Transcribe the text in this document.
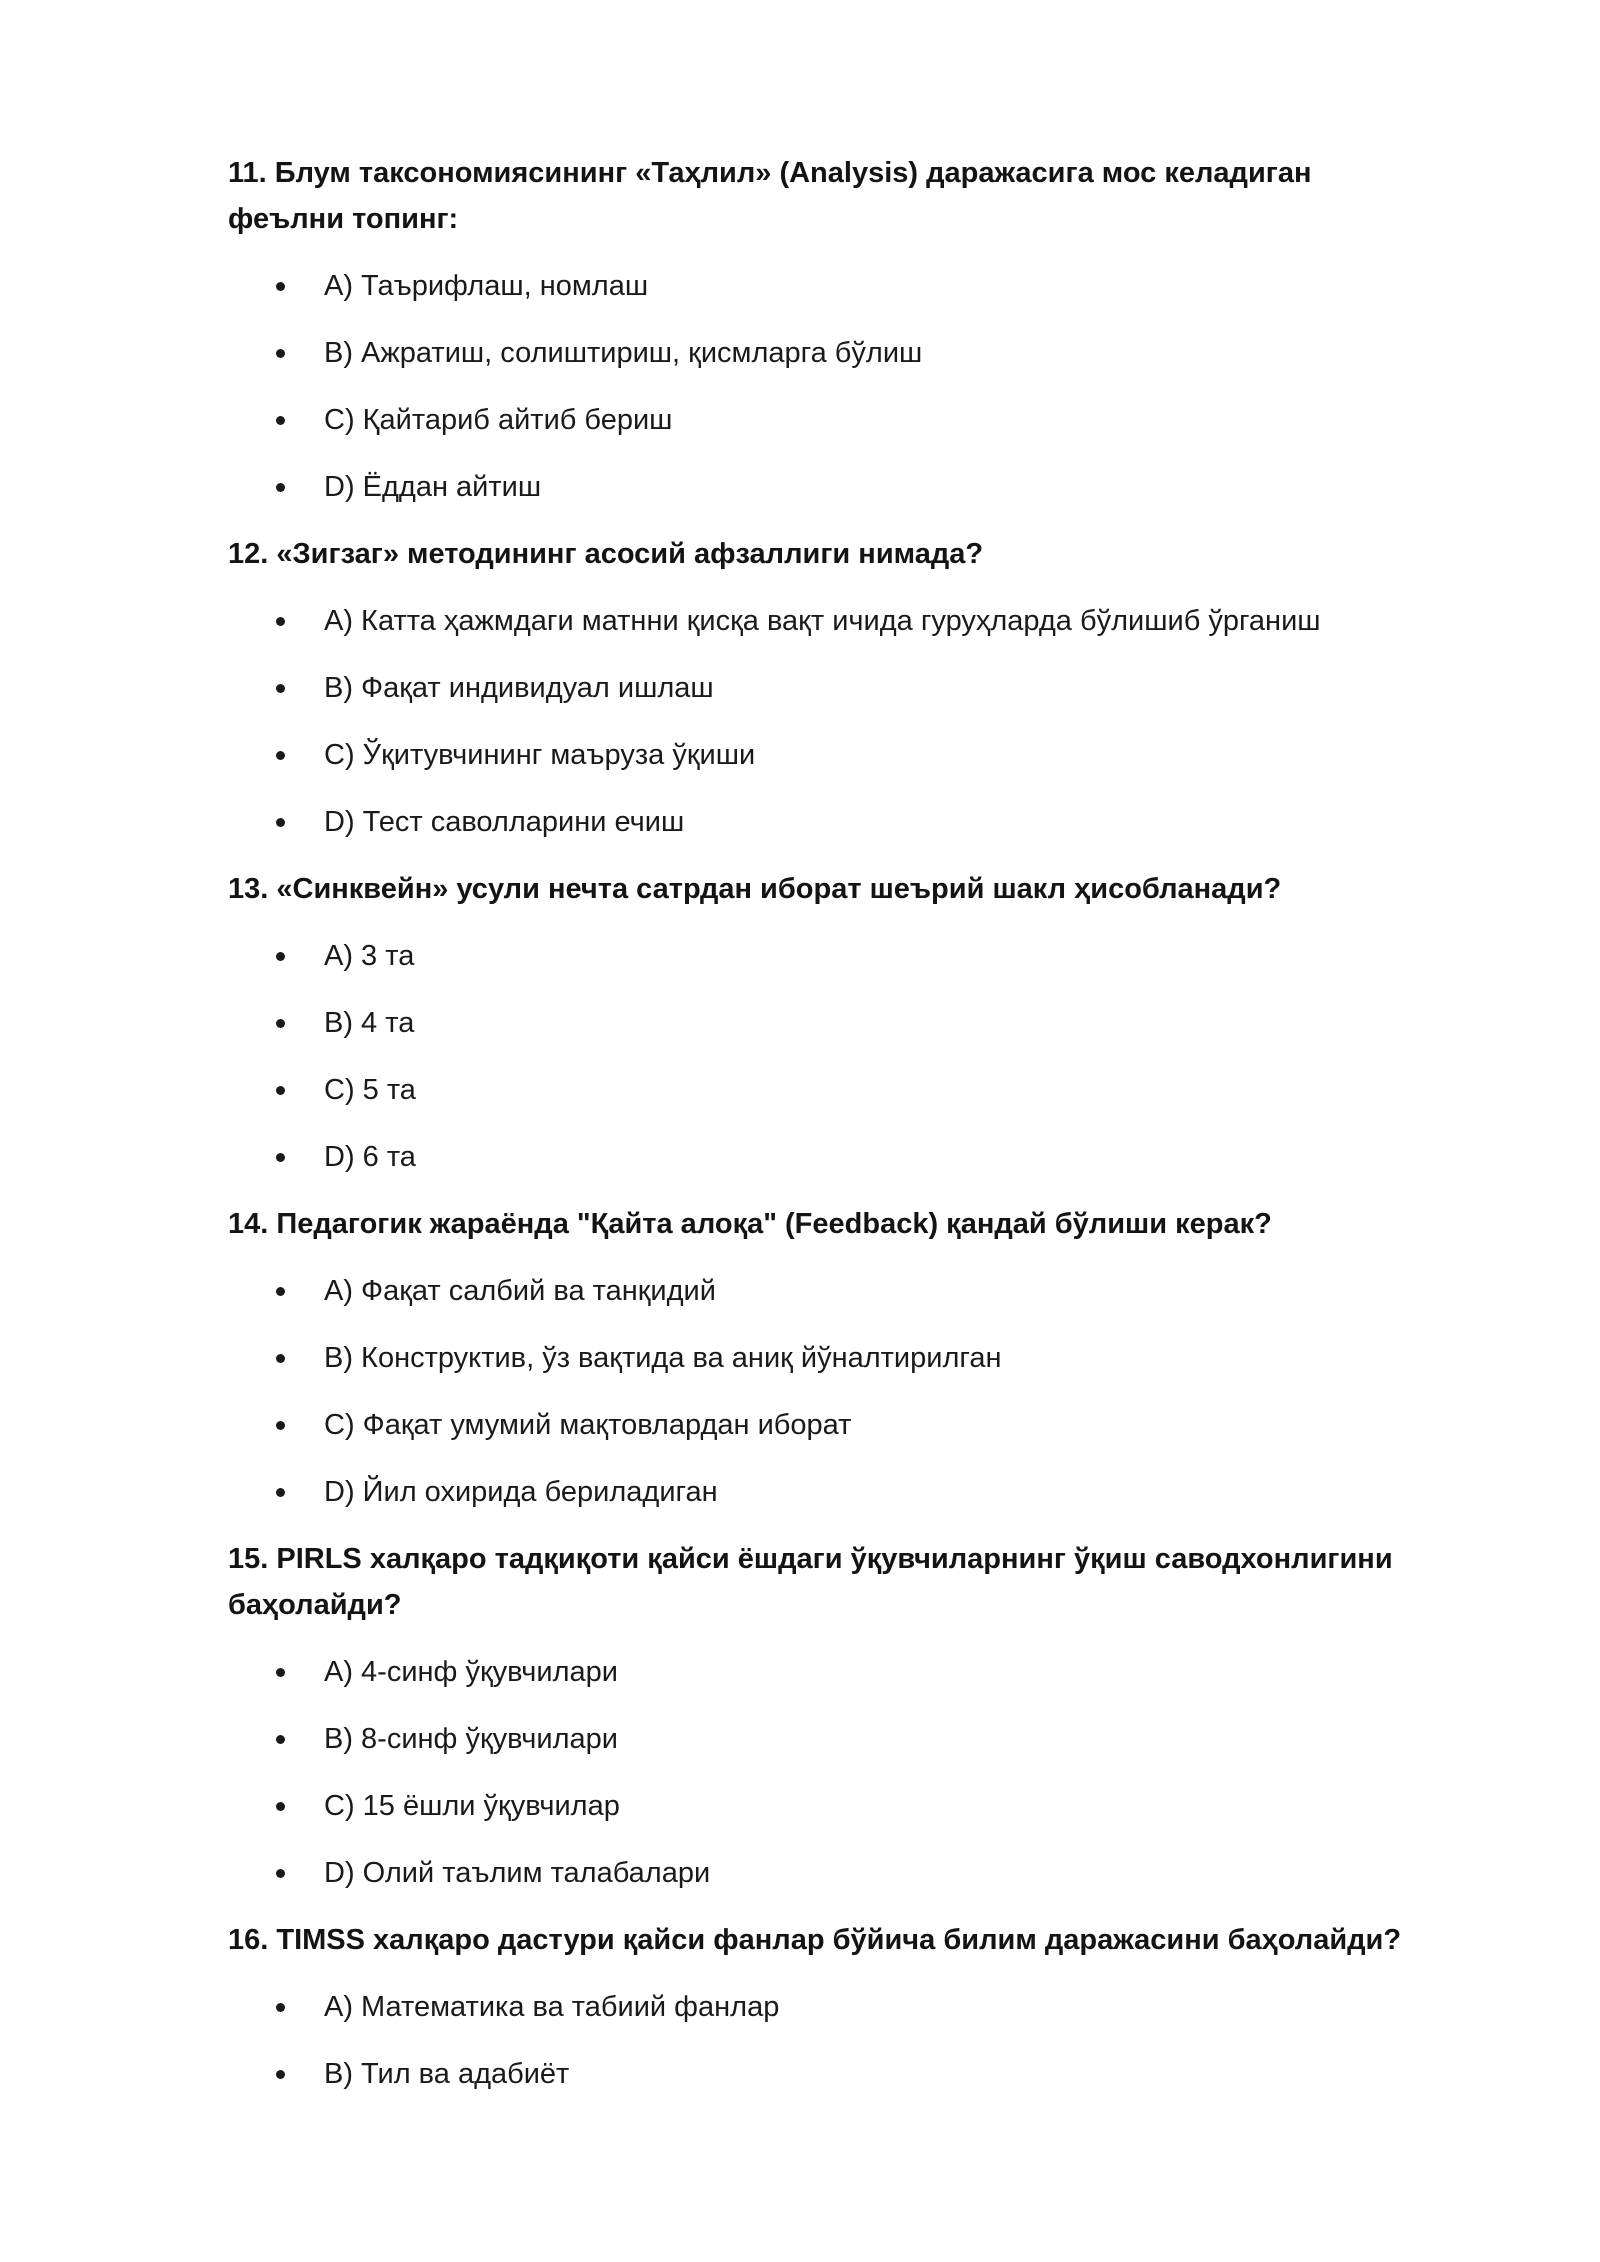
11. Блум таксономиясининг «Таҳлил» (Analysis) даражасига мос келадиган феълни топинг:

A) Таърифлаш, номлаш
B) Ажратиш, солиштириш, қисмларга бўлиш
C) Қайтариб айтиб бериш
D) Ёддан айтиш

12. «Зигзаг» методининг асосий афзаллиги нимада?

A) Катта ҳажмдаги матнни қисқа вақт ичида гуруҳларда бўлишиб ўрганиш
B) Фақат индивидуал ишлаш
C) Ўқитувчининг маъруза ўқиши
D) Тест саволларини ечиш

13. «Синквейн» усули нечта сатрдан иборат шеърий шакл ҳисобланади?

A) 3 та
B) 4 та
C) 5 та
D) 6 та

14. Педагогик жараёнда "Қайта алоқа" (Feedback) қандай бўлиши керак?

A) Фақат салбий ва танқидий
B) Конструктив, ўз вақтида ва аниқ йўналтирилган
C) Фақат умумий мақтовлардан иборат
D) Йил охирида бериладиган

15. PIRLS халқаро тадқиқоти қайси ёшдаги ўқувчиларнинг ўқиш саводхонлигини баҳолайди?

A) 4-синф ўқувчилари
B) 8-синф ўқувчилари
C) 15 ёшли ўқувчилар
D) Олий таълим талабалари

16. TIMSS халқаро дастури қайси фанлар бўйича билим даражасини баҳолайди?

A) Математика ва табиий фанлар
B) Тил ва адабиёт
